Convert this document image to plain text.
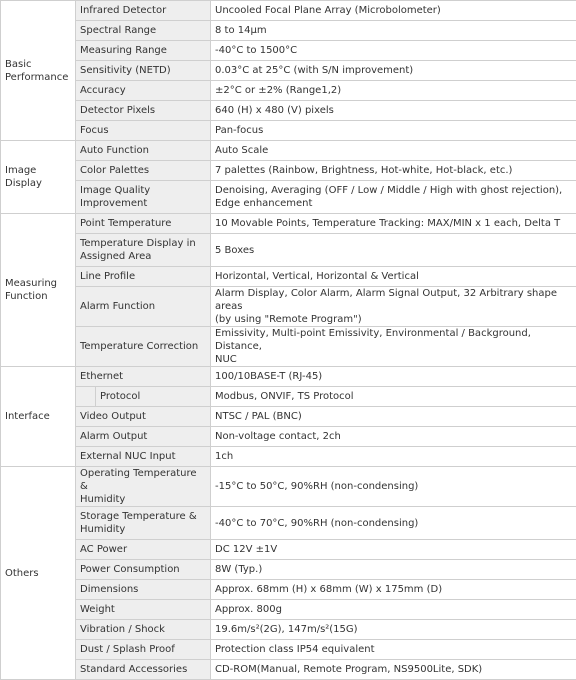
Basic
Performance	Infrared Detector		Uncooled Focal Plane Array (Microbolometer)
	Spectral Range		8 to 14μm
	Measuring Range		-40°C to 1500°C
	Sensitivity (NETD)		0.03°C at 25°C (with S/N improvement)
	Accuracy		±2°C or ±2% (Range1,2)
	Detector Pixels		640 (H) x 480 (V) pixels
	Focus		Pan-focus
Image
Display	Auto Function		Auto Scale
	Color Palettes		7 palettes (Rainbow, Brightness, Hot-white, Hot-black, etc.)
	Image Quality
Improvement		Denoising, Averaging (OFF / Low / Middle / High with ghost rejection),
Edge enhancement
Measuring
Function	Point Temperature		10 Movable Points, Temperature Tracking: MAX/MIN x 1 each, Delta T
	Temperature Display in
Assigned Area		5 Boxes
	Line Profile		Horizontal, Vertical, Horizontal & Vertical
	Alarm Function		Alarm Display, Color Alarm, Alarm Signal Output, 32 Arbitrary shape areas
(by using "Remote Program")
	Temperature Correction		Emissivity, Multi-point Emissivity, Environmental / Background, Distance,
NUC
Interface	Ethernet		100/10BASE-T (RJ-45)
		Protocol	Modbus, ONVIF, TS Protocol
	Video Output		NTSC / PAL (BNC)
	Alarm Output		Non-voltage contact, 2ch
	External NUC Input		1ch
Others	Operating Temperature &
Humidity		-15°C to 50°C, 90%RH (non-condensing)
	Storage Temperature &
Humidity		-40°C to 70°C, 90%RH (non-condensing)
	AC Power		DC 12V ±1V
	Power Consumption		8W (Typ.)
	Dimensions		Approx. 68mm (H) x 68mm (W) x 175mm (D)
	Weight		Approx. 800g
	Vibration / Shock		19.6m/s²(2G), 147m/s²(15G)
	Dust / Splash Proof		Protection class IP54 equivalent
	Standard Accessories		CD-ROM(Manual, Remote Program, NS9500Lite, SDK)
